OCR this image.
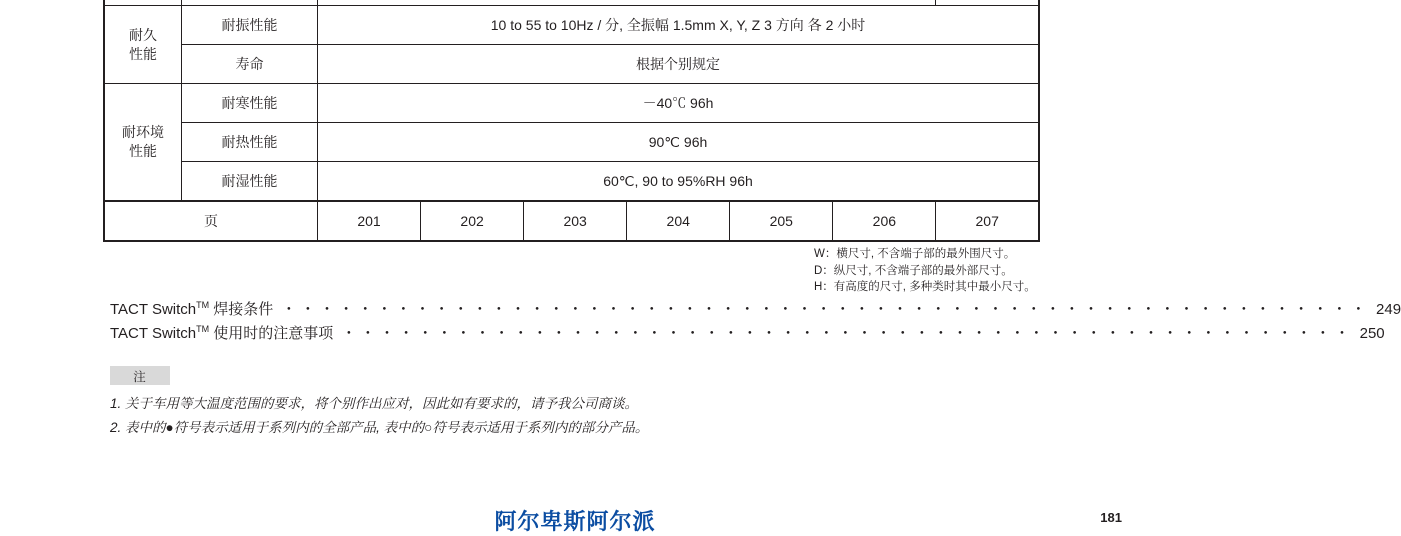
耐久
性能	耐振性能	10 to 55 to 10Hz / 分, 全振幅 1.5mm X, Y, Z 3 方向 各 2 小时						
	寿命	根据个别规定						
耐环境
性能	耐寒性能	－40℃ 96h						
	耐热性能	90℃ 96h						
	耐湿性能	60℃, 90 to 95%RH 96h						
页		201	202	203	204	205	206	207
W：横尺寸, 不含端子部的最外围尺寸。
D：纵尺寸, 不含端子部的最外部尺寸。
H：有高度的尺寸, 多种类时其中最小尺寸。
TACT Switch™ 焊接条件 ・・・・・・・・・・・・・・・・・・・・・・・・・・・・・・・・・・・・・・・・・・・・・・・・・・・・・・・・・ 249
TACT Switch™ 使用时的注意事项 ・・・・・・・・・・・・・・・・・・・・・・・・・・・・・・・・・・・・・・・・・・・・・・・・・・・・・ 250
注
1. 关于车用等大温度范围的要求，将个别作出应对，因此如有要求的，请予我公司商谈。
2. 表中的●符号表示适用于系列内的全部产品, 表中的○符号表示适用于系列内的部分产品。
阿尔卑斯阿尔派	181
